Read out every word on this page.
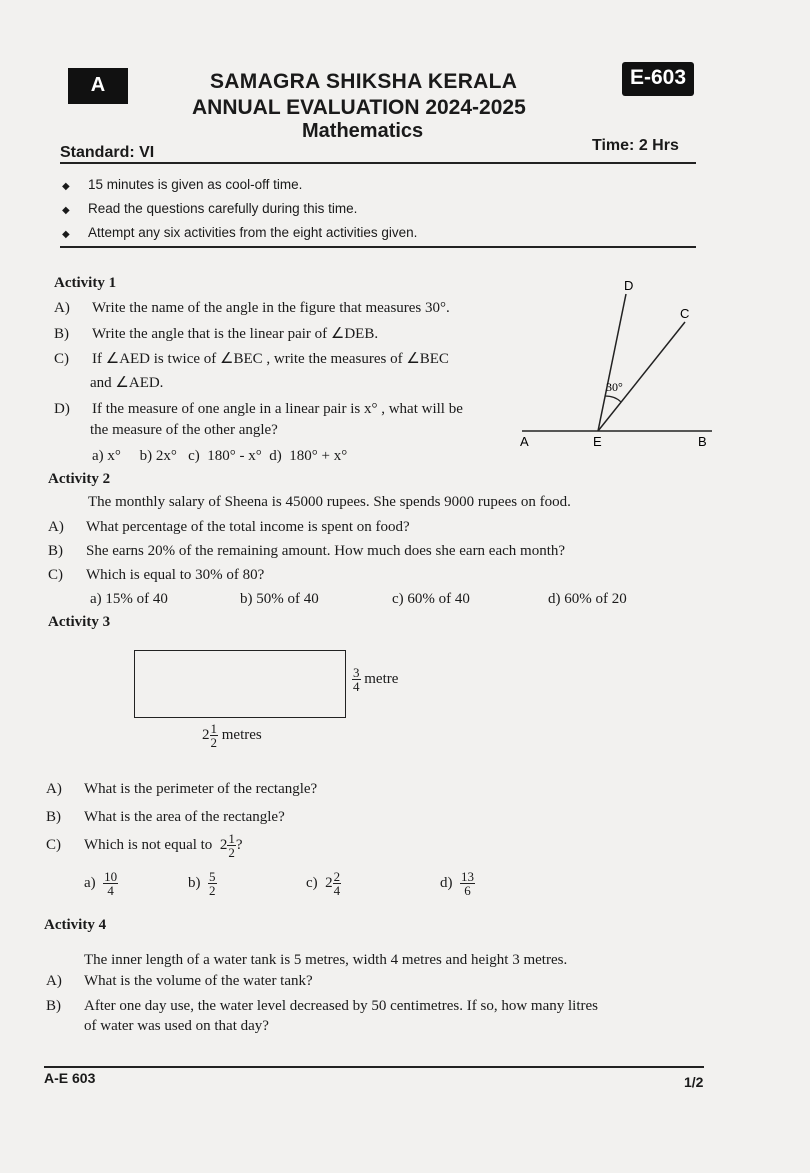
A	SAMAGRA SHIKSHA KERALA
ANNUAL EVALUATION 2024-2025
Mathematics
E-603
Standard: VI	Time: 2 Hrs
◆ 15 minutes is given as cool-off time.
◆ Read the questions carefully during this time.
◆ Attempt any six activities from the eight activities given.
Activity 1
A) Write the name of the angle in the figure that measures 30°.
B) Write the angle that is the linear pair of ∠DEB.
C) If ∠AED is twice of ∠BEC , write the measures of ∠BEC
and ∠AED.
D) If the measure of one angle in a linear pair is x° , what will be
the measure of the other angle?
a) x°     b) 2x°   c)  180° - x°  d)  180° + x°
D
C
30°
A	E	B
Activity 2
The monthly salary of Sheena is 45000 rupees. She spends 9000 rupees on food.
A) What percentage of the total income is spent on food?
B) She earns 20% of the remaining amount. How much does she earn each month?
C) Which is equal to 30% of 80?
a) 15% of 40	b) 50% of 40	c) 60% of 40	d) 60% of 20
Activity 3
$\frac{3}{4}$ metre
$2 \frac{1}{2}$ metres
A) What is the perimeter of the rectangle?
B) What is the area of the rectangle?
C) Which is not equal to $2 \frac{1}{2}$ ?
$a) \frac{10}{4}$	$b) \frac{5}{2}$	c) $2 \frac{2}{4}$	$d) \frac{13}{6}$
Activity 4
The inner length of a water tank is 5 metres, width 4 metres and height 3 metres.
A) What is the volume of the water tank?
B) After one day use, the water level decreased by 50 centimetres. If so, how many litres
of water was used on that day?
A-E 603	1/2
